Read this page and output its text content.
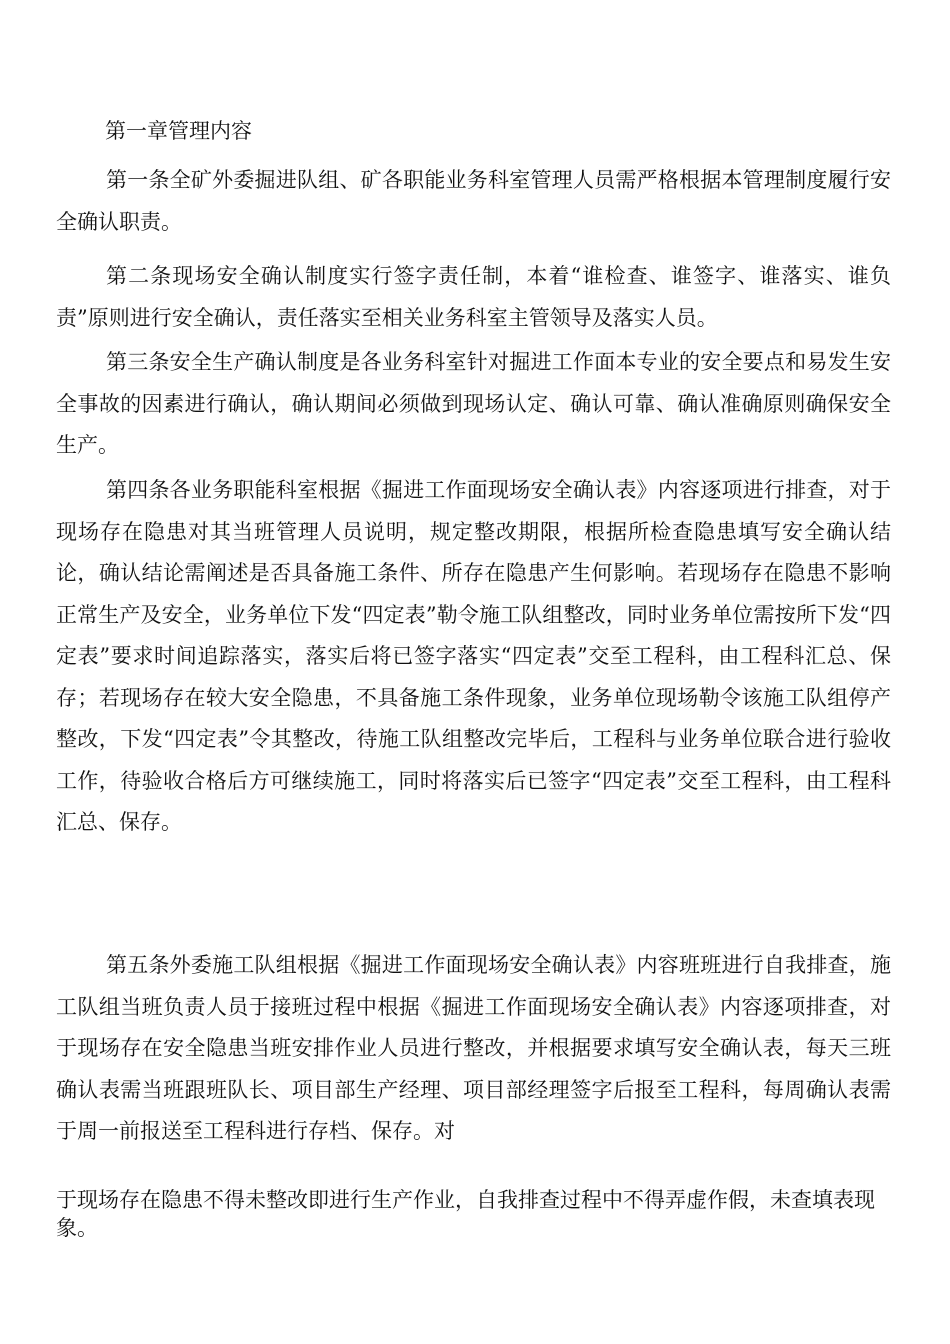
第一章管理内容

第一条全矿外委掘进队组、矿各职能业务科室管理人员需严格根据本管理制度履行安全确认职责。

第二条现场安全确认制度实行签字责任制，本着“谁检查、谁签字、谁落实、谁负责”原则进行安全确认，责任落实至相关业务科室主管领导及落实人员。

第三条安全生产确认制度是各业务科室针对掘进工作面本专业的安全要点和易发生安全事故的因素进行确认，确认期间必须做到现场认定、确认可靠、确认准确原则确保安全生产。

第四条各业务职能科室根据《掘进工作面现场安全确认表》内容逐项进行排查，对于现场存在隐患对其当班管理人员说明，规定整改期限，根据所检查隐患填写安全确认结论，确认结论需阐述是否具备施工条件、所存在隐患产生何影响。若现场存在隐患不影响正常生产及安全，业务单位下发“四定表”勒令施工队组整改，同时业务单位需按所下发“四定表”要求时间追踪落实，落实后将已签字落实“四定表”交至工程科，由工程科汇总、保存；若现场存在较大安全隐患，不具备施工条件现象，业务单位现场勒令该施工队组停产整改，下发“四定表”令其整改，待施工队组整改完毕后，工程科与业务单位联合进行验收工作，待验收合格后方可继续施工，同时将落实后已签字“四定表”交至工程科，由工程科汇总、保存。

第五条外委施工队组根据《掘进工作面现场安全确认表》内容班班进行自我排查，施工队组当班负责人员于接班过程中根据《掘进工作面现场安全确认表》内容逐项排查，对于现场存在安全隐患当班安排作业人员进行整改，并根据要求填写安全确认表，每天三班确认表需当班跟班队长、项目部生产经理、项目部经理签字后报至工程科，每周确认表需于周一前报送至工程科进行存档、保存。对

于现场存在隐患不得未整改即进行生产作业，自我排查过程中不得弄虚作假，未查填表现象。
